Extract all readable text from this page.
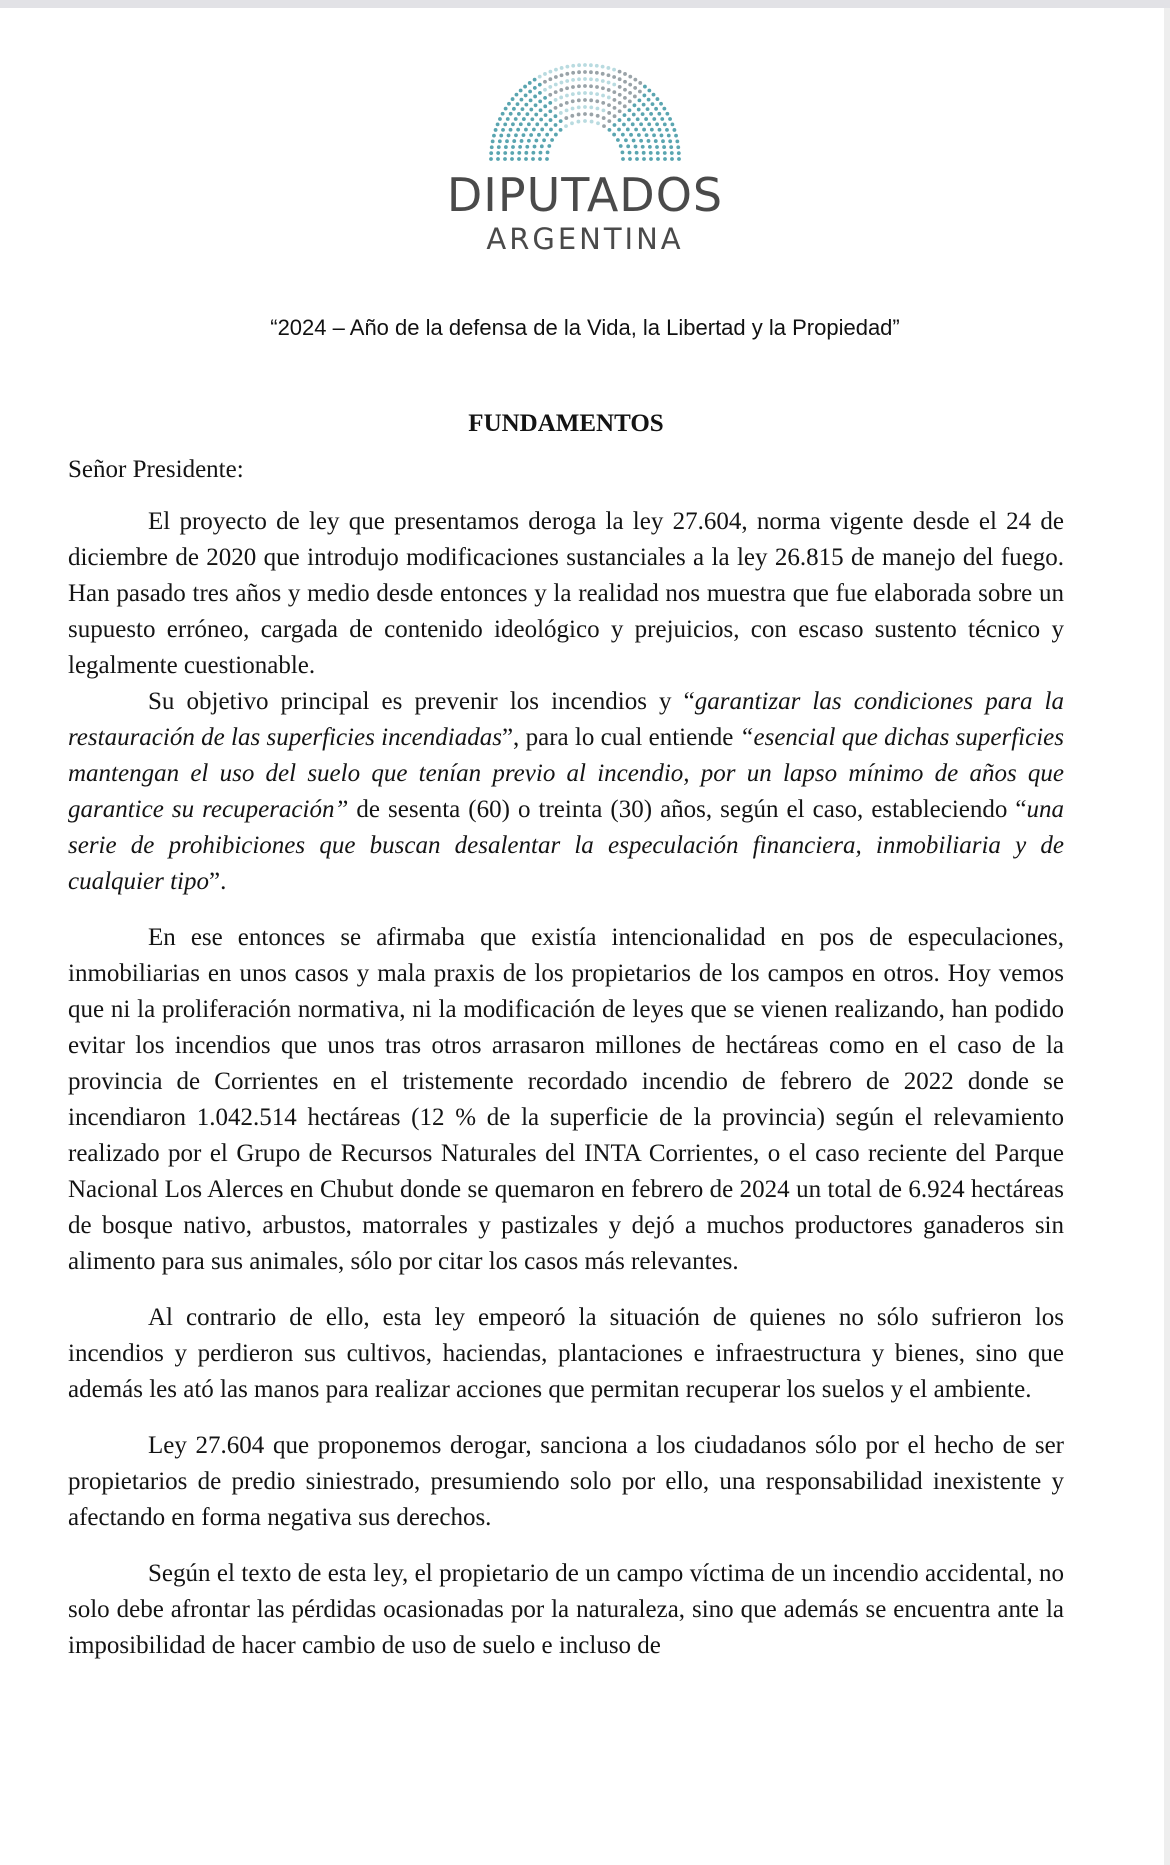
DIPUTADOS
ARGENTINA
“2024 – Año de la defensa de la Vida, la Libertad y la Propiedad”
FUNDAMENTOS
Señor Presidente:

El proyecto de ley que presentamos deroga la ley 27.604, norma vigente desde el 24 de diciembre de 2020 que introdujo modificaciones sustanciales a la ley 26.815 de manejo del fuego. Han pasado tres años y medio desde entonces y la realidad nos muestra que fue elaborada sobre un supuesto erróneo, cargada de contenido ideológico y prejuicios, con escaso sustento técnico y legalmente cuestionable.

Su objetivo principal es prevenir los incendios y “garantizar las condiciones para la restauración de las superficies incendiadas”, para lo cual entiende “esencial que dichas superficies mantengan el uso del suelo que tenían previo al incendio, por un lapso mínimo de años que garantice su recuperación” de sesenta (60) o treinta (30) años, según el caso, estableciendo “una serie de prohibiciones que buscan desalentar la especulación financiera, inmobiliaria y de cualquier tipo”.

En ese entonces se afirmaba que existía intencionalidad en pos de especulaciones, inmobiliarias en unos casos y mala praxis de los propietarios de los campos en otros. Hoy vemos que ni la proliferación normativa, ni la modificación de leyes que se vienen realizando, han podido evitar los incendios que unos tras otros arrasaron millones de hectáreas como en el caso de la provincia de Corrientes en el tristemente recordado incendio de febrero de 2022 donde se incendiaron 1.042.514 hectáreas (12 % de la superficie de la provincia) según el relevamiento realizado por el Grupo de Recursos Naturales del INTA Corrientes, o el caso reciente del Parque Nacional Los Alerces en Chubut donde se quemaron en febrero de 2024 un total de 6.924 hectáreas de bosque nativo, arbustos, matorrales y pastizales y dejó a muchos productores ganaderos sin alimento para sus animales, sólo por citar los casos más relevantes.

Al contrario de ello, esta ley empeoró la situación de quienes no sólo sufrieron los incendios y perdieron sus cultivos, haciendas, plantaciones e infraestructura y bienes, sino que además les ató las manos para realizar acciones que permitan recuperar los suelos y el ambiente.

Ley 27.604 que proponemos derogar, sanciona a los ciudadanos sólo por el hecho de ser propietarios de predio siniestrado, presumiendo solo por ello, una responsabilidad inexistente y afectando en forma negativa sus derechos.

Según el texto de esta ley, el propietario de un campo víctima de un incendio accidental, no solo debe afrontar las pérdidas ocasionadas por la naturaleza, sino que además se encuentra ante la imposibilidad de hacer cambio de uso de suelo e incluso de
